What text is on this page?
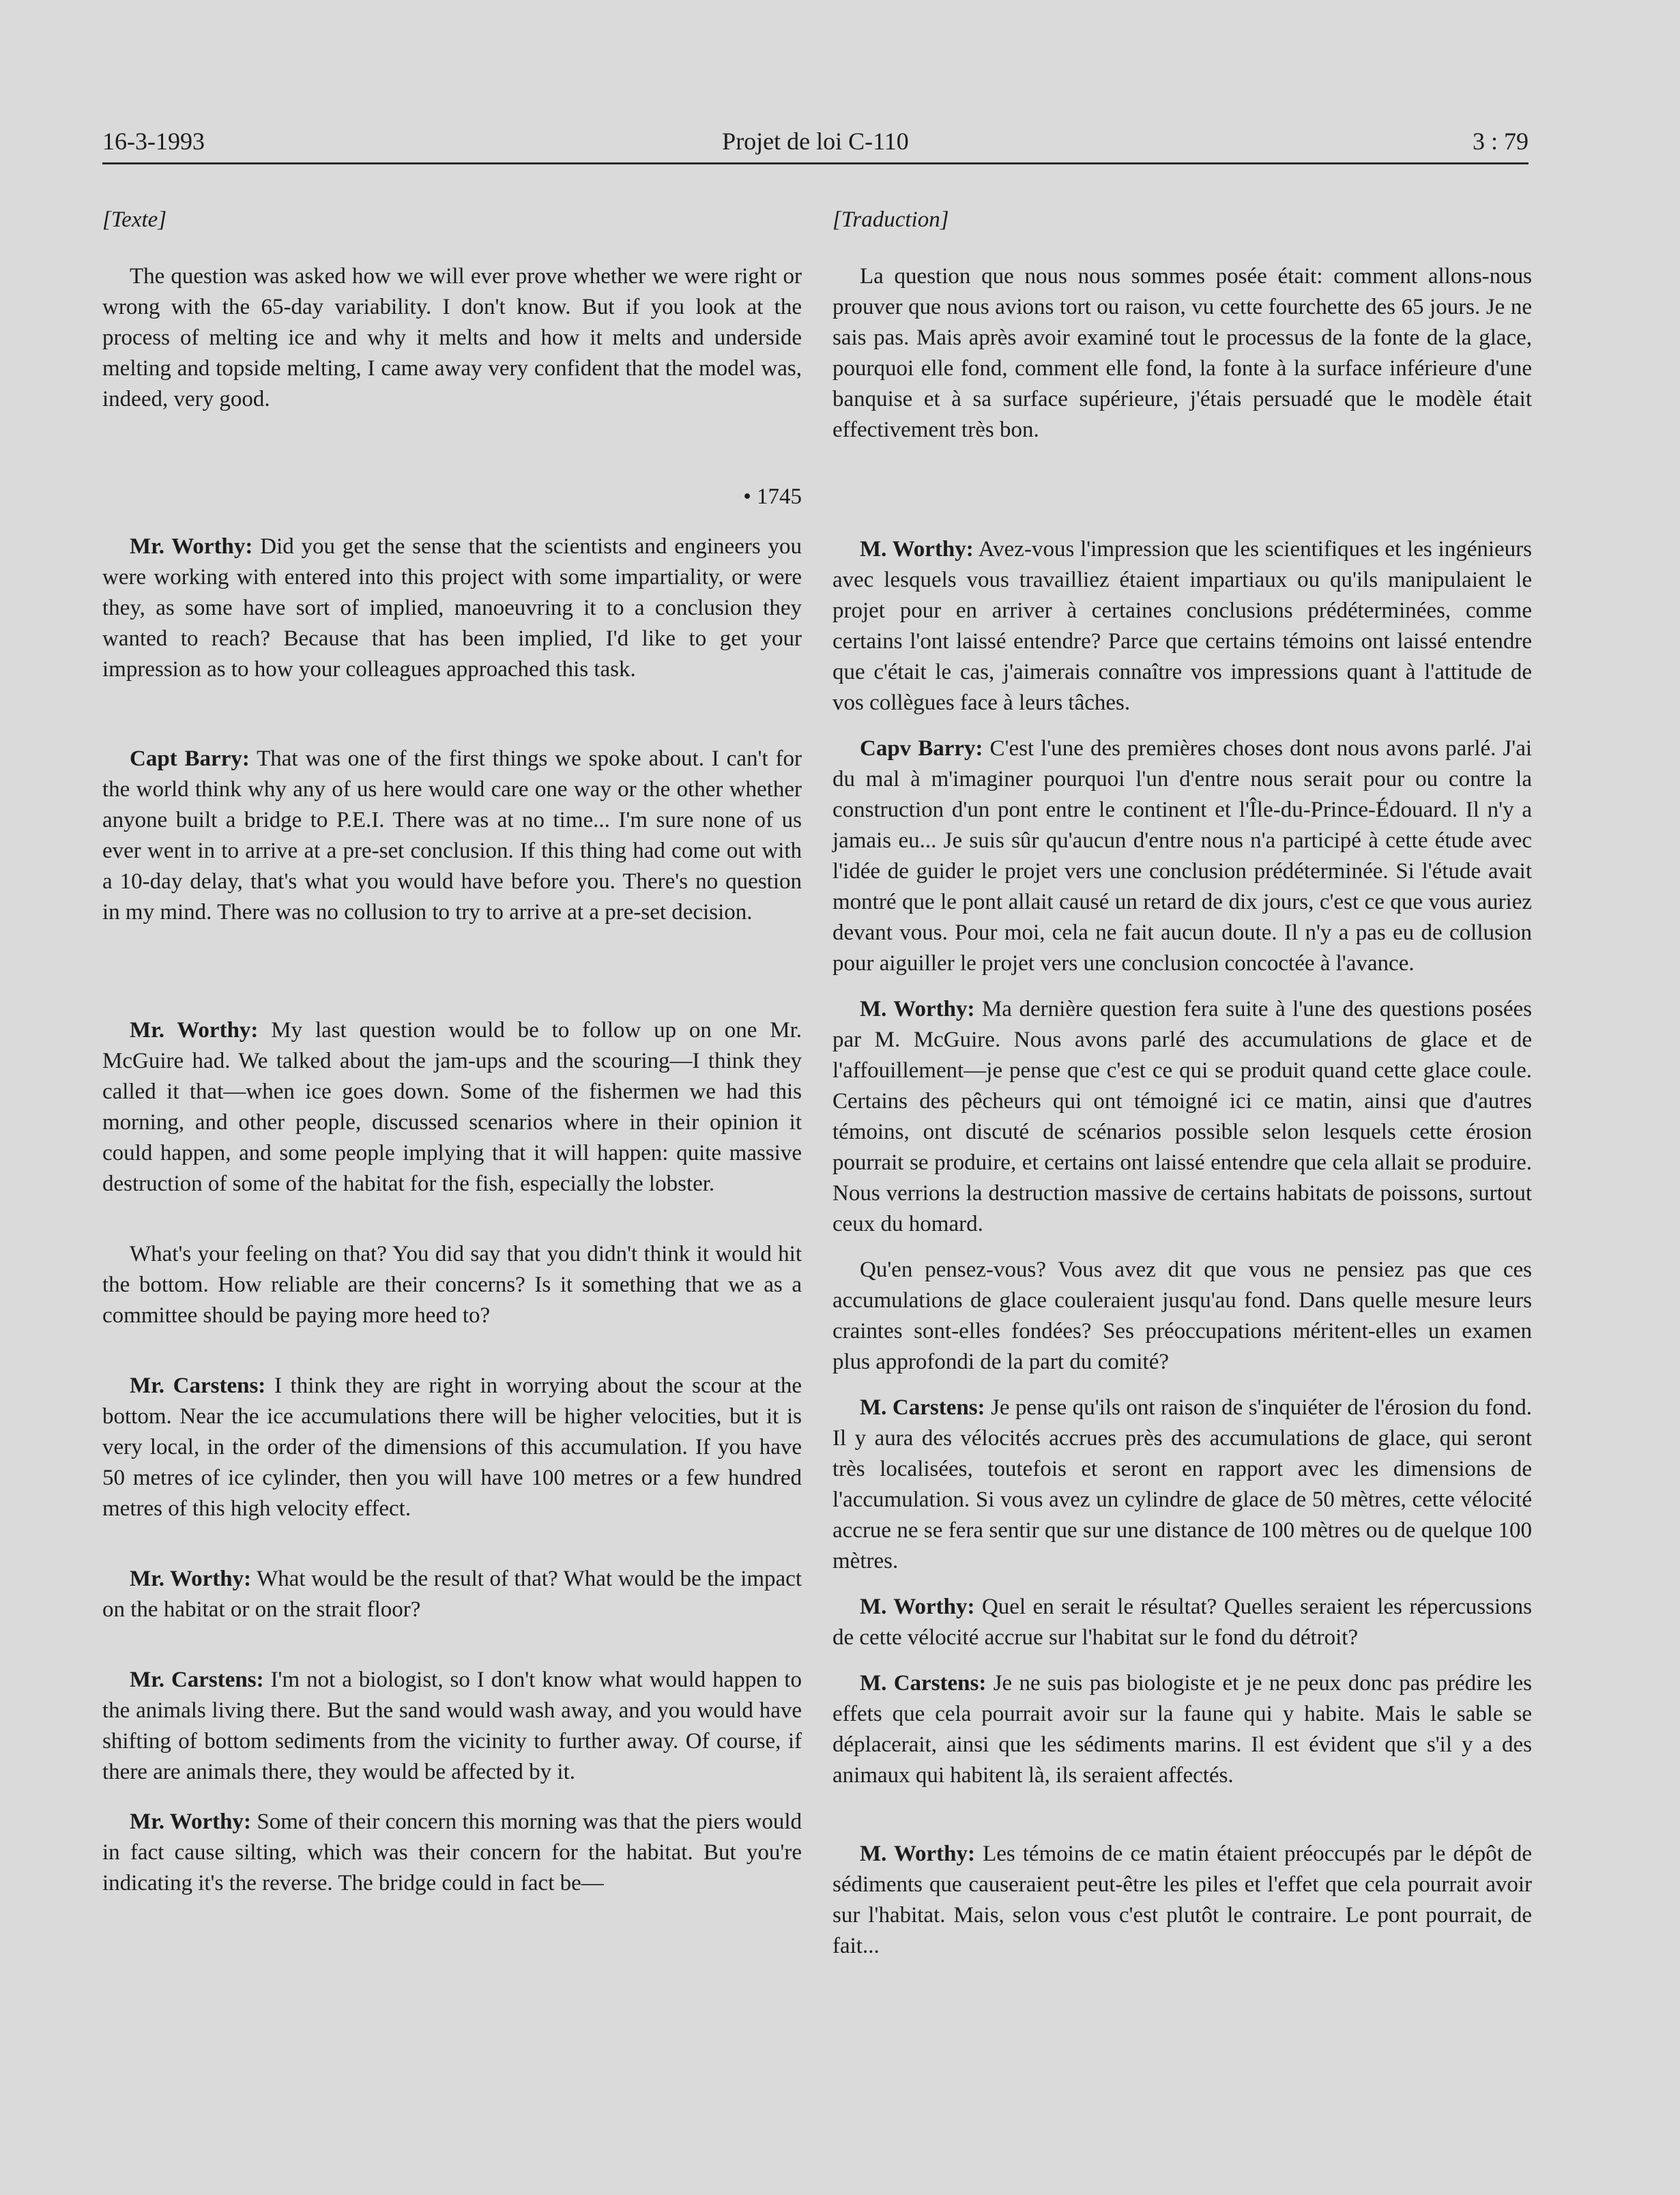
16-3-1993	Projet de loi C-110	3 : 79
[Texte]

The question was asked how we will ever prove whether we were right or wrong with the 65-day variability. I don't know. But if you look at the process of melting ice and why it melts and how it melts and underside melting and topside melting, I came away very confident that the model was, indeed, very good.

• 1745

Mr. Worthy: Did you get the sense that the scientists and engineers you were working with entered into this project with some impartiality, or were they, as some have sort of implied, manoeuvring it to a conclusion they wanted to reach? Because that has been implied, I'd like to get your impression as to how your colleagues approached this task.

Capt Barry: That was one of the first things we spoke about. I can't for the world think why any of us here would care one way or the other whether anyone built a bridge to P.E.I. There was at no time... I'm sure none of us ever went in to arrive at a pre-set conclusion. If this thing had come out with a 10-day delay, that's what you would have before you. There's no question in my mind. There was no collusion to try to arrive at a pre-set decision.

Mr. Worthy: My last question would be to follow up on one Mr. McGuire had. We talked about the jam-ups and the scouring—I think they called it that—when ice goes down. Some of the fishermen we had this morning, and other people, discussed scenarios where in their opinion it could happen, and some people implying that it will happen: quite massive destruction of some of the habitat for the fish, especially the lobster.

What's your feeling on that? You did say that you didn't think it would hit the bottom. How reliable are their concerns? Is it something that we as a committee should be paying more heed to?

Mr. Carstens: I think they are right in worrying about the scour at the bottom. Near the ice accumulations there will be higher velocities, but it is very local, in the order of the dimensions of this accumulation. If you have 50 metres of ice cylinder, then you will have 100 metres or a few hundred metres of this high velocity effect.

Mr. Worthy: What would be the result of that? What would be the impact on the habitat or on the strait floor?

Mr. Carstens: I'm not a biologist, so I don't know what would happen to the animals living there. But the sand would wash away, and you would have shifting of bottom sediments from the vicinity to further away. Of course, if there are animals there, they would be affected by it.

Mr. Worthy: Some of their concern this morning was that the piers would in fact cause silting, which was their concern for the habitat. But you're indicating it's the reverse. The bridge could in fact be—

[Traduction]

La question que nous nous sommes posée était: comment allons-nous prouver que nous avions tort ou raison, vu cette fourchette des 65 jours. Je ne sais pas. Mais après avoir examiné tout le processus de la fonte de la glace, pourquoi elle fond, comment elle fond, la fonte à la surface inférieure d'une banquise et à sa surface supérieure, j'étais persuadé que le modèle était effectivement très bon.

M. Worthy: Avez-vous l'impression que les scientifiques et les ingénieurs avec lesquels vous travailliez étaient impartiaux ou qu'ils manipulaient le projet pour en arriver à certaines conclusions prédéterminées, comme certains l'ont laissé entendre? Parce que certains témoins ont laissé entendre que c'était le cas, j'aimerais connaître vos impressions quant à l'attitude de vos collègues face à leurs tâches.

Capv Barry: C'est l'une des premières choses dont nous avons parlé. J'ai du mal à m'imaginer pourquoi l'un d'entre nous serait pour ou contre la construction d'un pont entre le continent et l'Île-du-Prince-Édouard. Il n'y a jamais eu... Je suis sûr qu'aucun d'entre nous n'a participé à cette étude avec l'idée de guider le projet vers une conclusion prédéterminée. Si l'étude avait montré que le pont allait causé un retard de dix jours, c'est ce que vous auriez devant vous. Pour moi, cela ne fait aucun doute. Il n'y a pas eu de collusion pour aiguiller le projet vers une conclusion concoctée à l'avance.

M. Worthy: Ma dernière question fera suite à l'une des questions posées par M. McGuire. Nous avons parlé des accumulations de glace et de l'affouillement—je pense que c'est ce qui se produit quand cette glace coule. Certains des pêcheurs qui ont témoigné ici ce matin, ainsi que d'autres témoins, ont discuté de scénarios possible selon lesquels cette érosion pourrait se produire, et certains ont laissé entendre que cela allait se produire. Nous verrions la destruction massive de certains habitats de poissons, surtout ceux du homard.

Qu'en pensez-vous? Vous avez dit que vous ne pensiez pas que ces accumulations de glace couleraient jusqu'au fond. Dans quelle mesure leurs craintes sont-elles fondées? Ses préoccupations méritent-elles un examen plus approfondi de la part du comité?

M. Carstens: Je pense qu'ils ont raison de s'inquiéter de l'érosion du fond. Il y aura des vélocités accrues près des accumulations de glace, qui seront très localisées, toutefois et seront en rapport avec les dimensions de l'accumulation. Si vous avez un cylindre de glace de 50 mètres, cette vélocité accrue ne se fera sentir que sur une distance de 100 mètres ou de quelque 100 mètres.

M. Worthy: Quel en serait le résultat? Quelles seraient les répercussions de cette vélocité accrue sur l'habitat sur le fond du détroit?

M. Carstens: Je ne suis pas biologiste et je ne peux donc pas prédire les effets que cela pourrait avoir sur la faune qui y habite. Mais le sable se déplacerait, ainsi que les sédiments marins. Il est évident que s'il y a des animaux qui habitent là, ils seraient affectés.

M. Worthy: Les témoins de ce matin étaient préoccupés par le dépôt de sédiments que causeraient peut-être les piles et l'effet que cela pourrait avoir sur l'habitat. Mais, selon vous c'est plutôt le contraire. Le pont pourrait, de fait...
